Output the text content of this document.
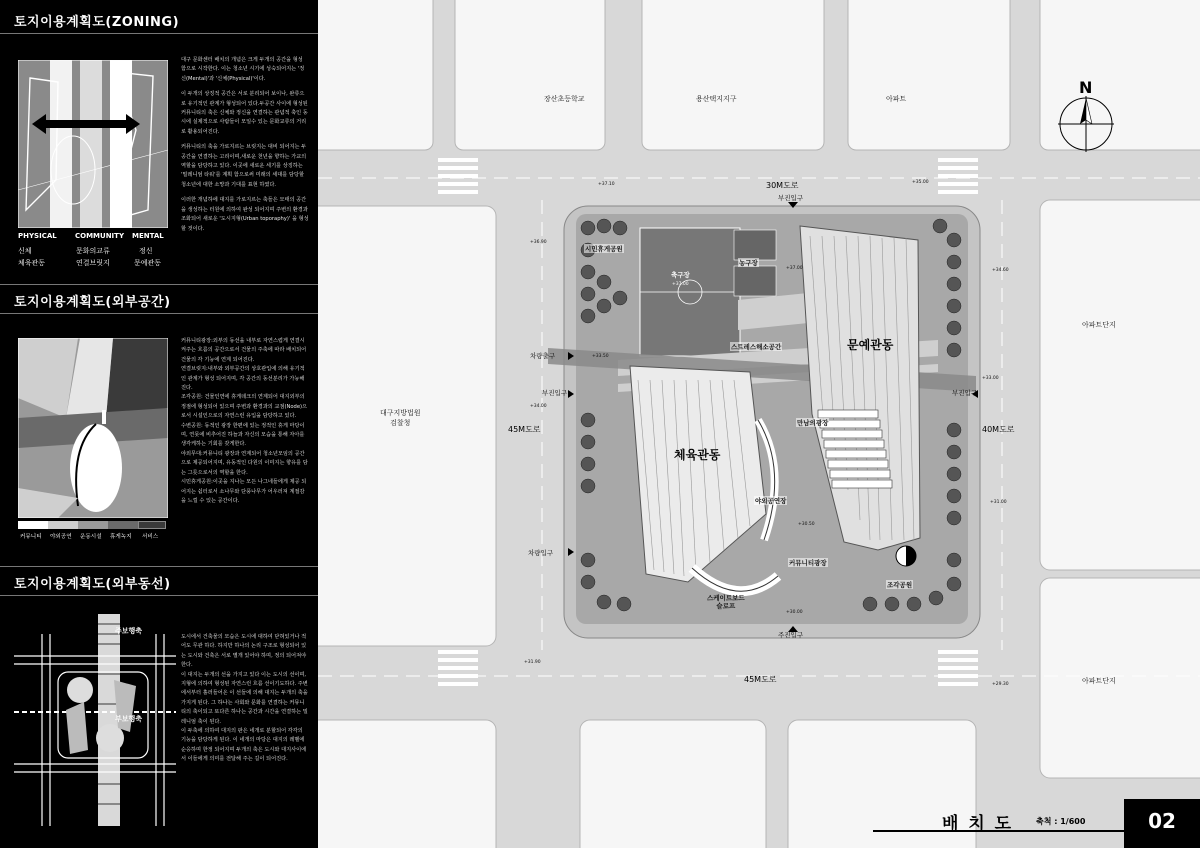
토지이용계획도(ZONING)
PHYSICAL	COMMUNITY MENTAL
신체	문화의교류	정신
체육관동	연결브릿지	문예관동

대구 문화센터 배치의 개념은 크게 두개의 공간을 형성 함으로 시작한다. 이는 청소년 시기에 성숙되어지는 '정신(Mental)'과 '신체(Physical)'이다.

이 두개의 상징적 공간은 서로 분리되어 보이나, 완류으로 유기적인 관계가 형성되어 있다.두공간 사이에 형성된 커뮤니티의 축은 신체와 정신을 연결하는 관념적 축인 동시에 실제적으로 사람들이 모일수 있는 문화교류의 거리로 활용되어진다.

커뮤니티의 축을 가로지르는 브릿지는 대비 되어지는 두공간을 연결하는 고리이며,새로운 천년을 향하는 가교의 역할을 담당하고 있다. 이곳에 새로운 세기를 상징하는 '밀레니엄 타워'를 계획 함으로써 미래의 세대를 담당할 청소년에 대한 소망과 기대를 표현 하였다.

이러한 개념하에 대지를 가로지르는 축들은 모태의 공간을 생성하는 터원에 의하여 완성 되어지며 주변의 환경과 조화되어 새로운 '도시지형(Urban toporaphy)' 을 형성 할 것이다.

토지이용계획도(외부공간)
커뮤니티 야외공연 운동시설 휴게녹지 서비스

커뮤니티광장:외부의 동선을 내부로 자연스럽게 연결시켜주는 흐름의 공간으로서 건물의 주축에 따라 배치되어 건물의 각 기능에 연계 되어진다.

연결브릿지:내부와 외부공간의 상호관입에 의해 유기적인 관계가 형성 되어지며, 각 공간의 동선분리가 가능해 진다.

조각공원: 건물인연에 휴게데크의 연계되어 대지외부의 정점에 형성되어 있으며 주변과 환경과의 교점(Node)으로서 시설인으로의 자연스런 유입을 담당하고 있다.

수변공원: 동적인 광장 한편에 있는 정적인 휴게 마당이며, 연못에 비추어진 하늘과 자신의 모습을 통해 자아를 생각케하는 기회를 갖게한다.

야외무대:커뮤니티 광장과 연계되어 청소년모임의 공간으로 제공되어지며, 유동적인 다원의 이미지는 향유를 담는 그릇으로서의 역할을 한다.

시민휴게공원:이곳을 지나는 모든 나그네들에게 제공 되어지는 쉼터로서 소나무와 단풍나무가 어우러져 계절감을 느낄 수 있는 공간이다.

토지이용계획도(외부동선)
주보행축
부보행축

도시에서 건축물의 모습은 도시에 대하여 닫혀있거나 적어도 무관 하다. 하지만 하나의 논리 구조로 형성되어 있는 도시와 건축은 서로 별개 있어야 하며, 정의 되어져야 한다.

이 대지는 두개의 선을 가지고 있다 이는 도시의 선이며, 지형에 의하여 형성된 자연스런 흐름 선이기도하다. 주변에서부터 흘러들어온 이 선들에 의해 대지는 두개의 축을 가지게 된다. 그 하나는 사회와 문화를 연결하는 커뮤니티의 축이되고 또다른 하나는 공간과 시간을 연결하는 밀레니엄 축이 된다.

이 두축에 의하여 대지의 판은 네개로 분할되어 각각의 기능을 담당하게 된다. 이 네개의 마당은 대지의 레벨에 순응하며 한정 되어지며 두개의 축은 도시와 대지사이에서 이들에게 의미를 전달해 주는 길이 되어진다.

장산초등학교	용산택지지구	아파트
대구지방법원
검찰청
아파트단지
아파트단지
30M도로
45M도로	40M도로
45M도로
부진입구
차량출구
부진입구	부진입구
차량입구
주진입구
문예관동
체육관동
시민휴게공원
축구장
농구장
스트레스해소공간
만남의광장
야외공연장
커뮤니티광장
조각공원
스케이트보드
슬로프
+37.10	+35.00
+36.90
+34.60
+37.00
+33.00
+34.00
+31.00
+30.00
+30.50
+31.90
+29.30
+37.00
+33.50
N
배 치 도	축척 : 1/600	02
